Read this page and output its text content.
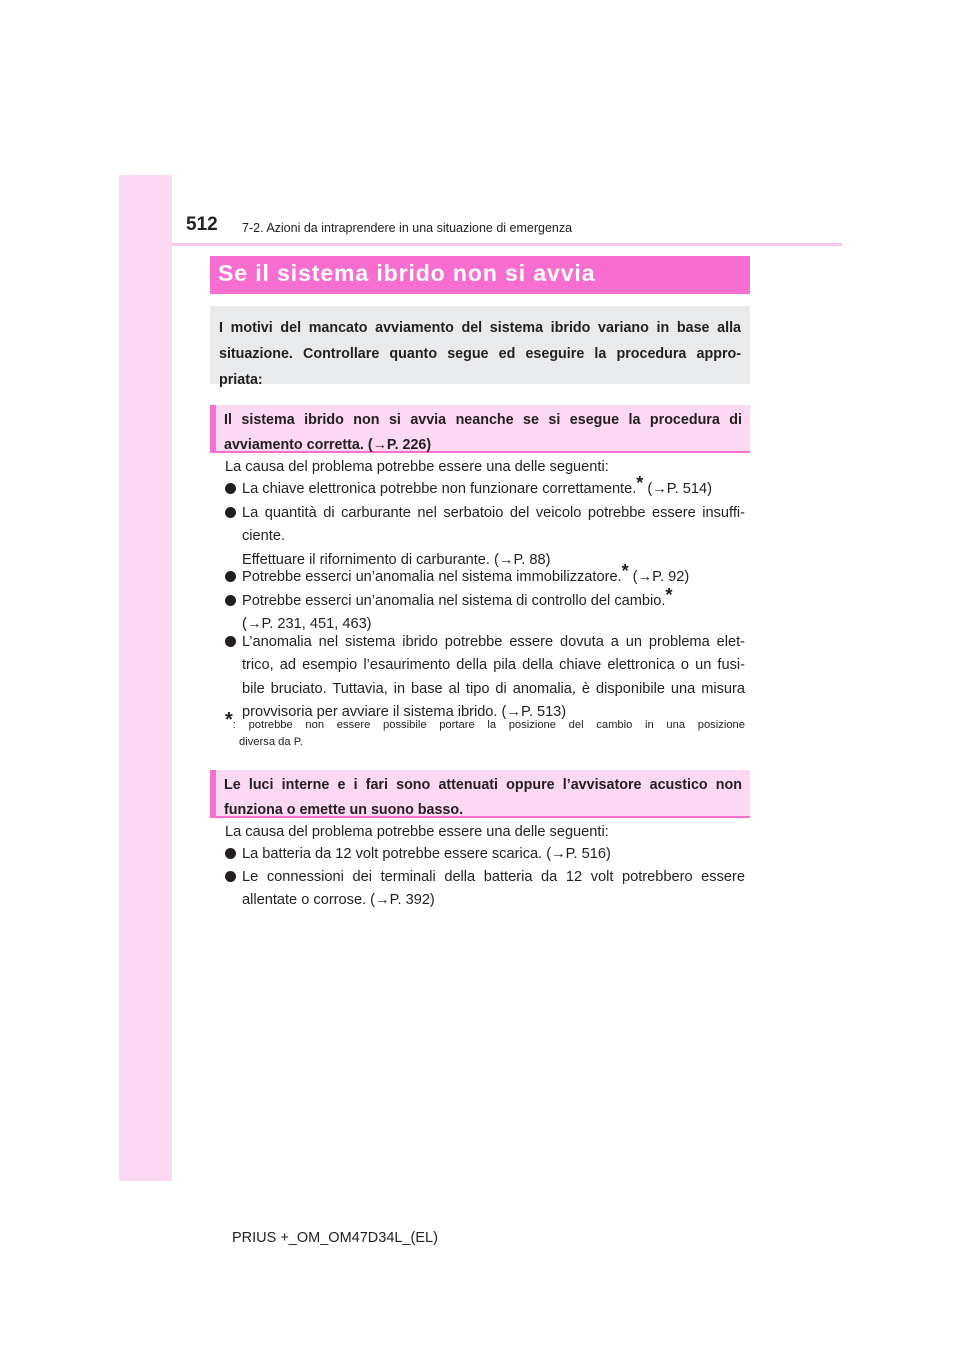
512 7-2. Azioni da intraprendere in una situazione di emergenza
Se il sistema ibrido non si avvia
I motivi del mancato avviamento del sistema ibrido variano in base alla
situazione. Controllare quanto segue ed eseguire la procedura appro-
priata:
Il sistema ibrido non si avvia neanche se si esegue la procedura di
avviamento corretta. (→P. 226)
La causa del problema potrebbe essere una delle seguenti:
La chiave elettronica potrebbe non funzionare correttamente.* (→P. 514)
La quantità di carburante nel serbatoio del veicolo potrebbe essere insuffi-
ciente.
Effettuare il rifornimento di carburante. (→P. 88)
Potrebbe esserci un’anomalia nel sistema immobilizzatore.* (→P. 92)
Potrebbe esserci un’anomalia nel sistema di controllo del cambio.*
(→P. 231, 451, 463)
L’anomalia nel sistema ibrido potrebbe essere dovuta a un problema elet-
trico, ad esempio l’esaurimento della pila della chiave elettronica o un fusi-
bile bruciato. Tuttavia, in base al tipo di anomalia, è disponibile una misura
provvisoria per avviare il sistema ibrido. (→P. 513)
*: potrebbe non essere possibile portare la posizione del cambio in una posizione
diversa da P.
Le luci interne e i fari sono attenuati oppure l’avvisatore acustico non
funziona o emette un suono basso.
La causa del problema potrebbe essere una delle seguenti:
La batteria da 12 volt potrebbe essere scarica. (→P. 516)
Le connessioni dei terminali della batteria da 12 volt potrebbero essere
allentate o corrose. (→P. 392)
PRIUS +_OM_OM47D34L_(EL)
